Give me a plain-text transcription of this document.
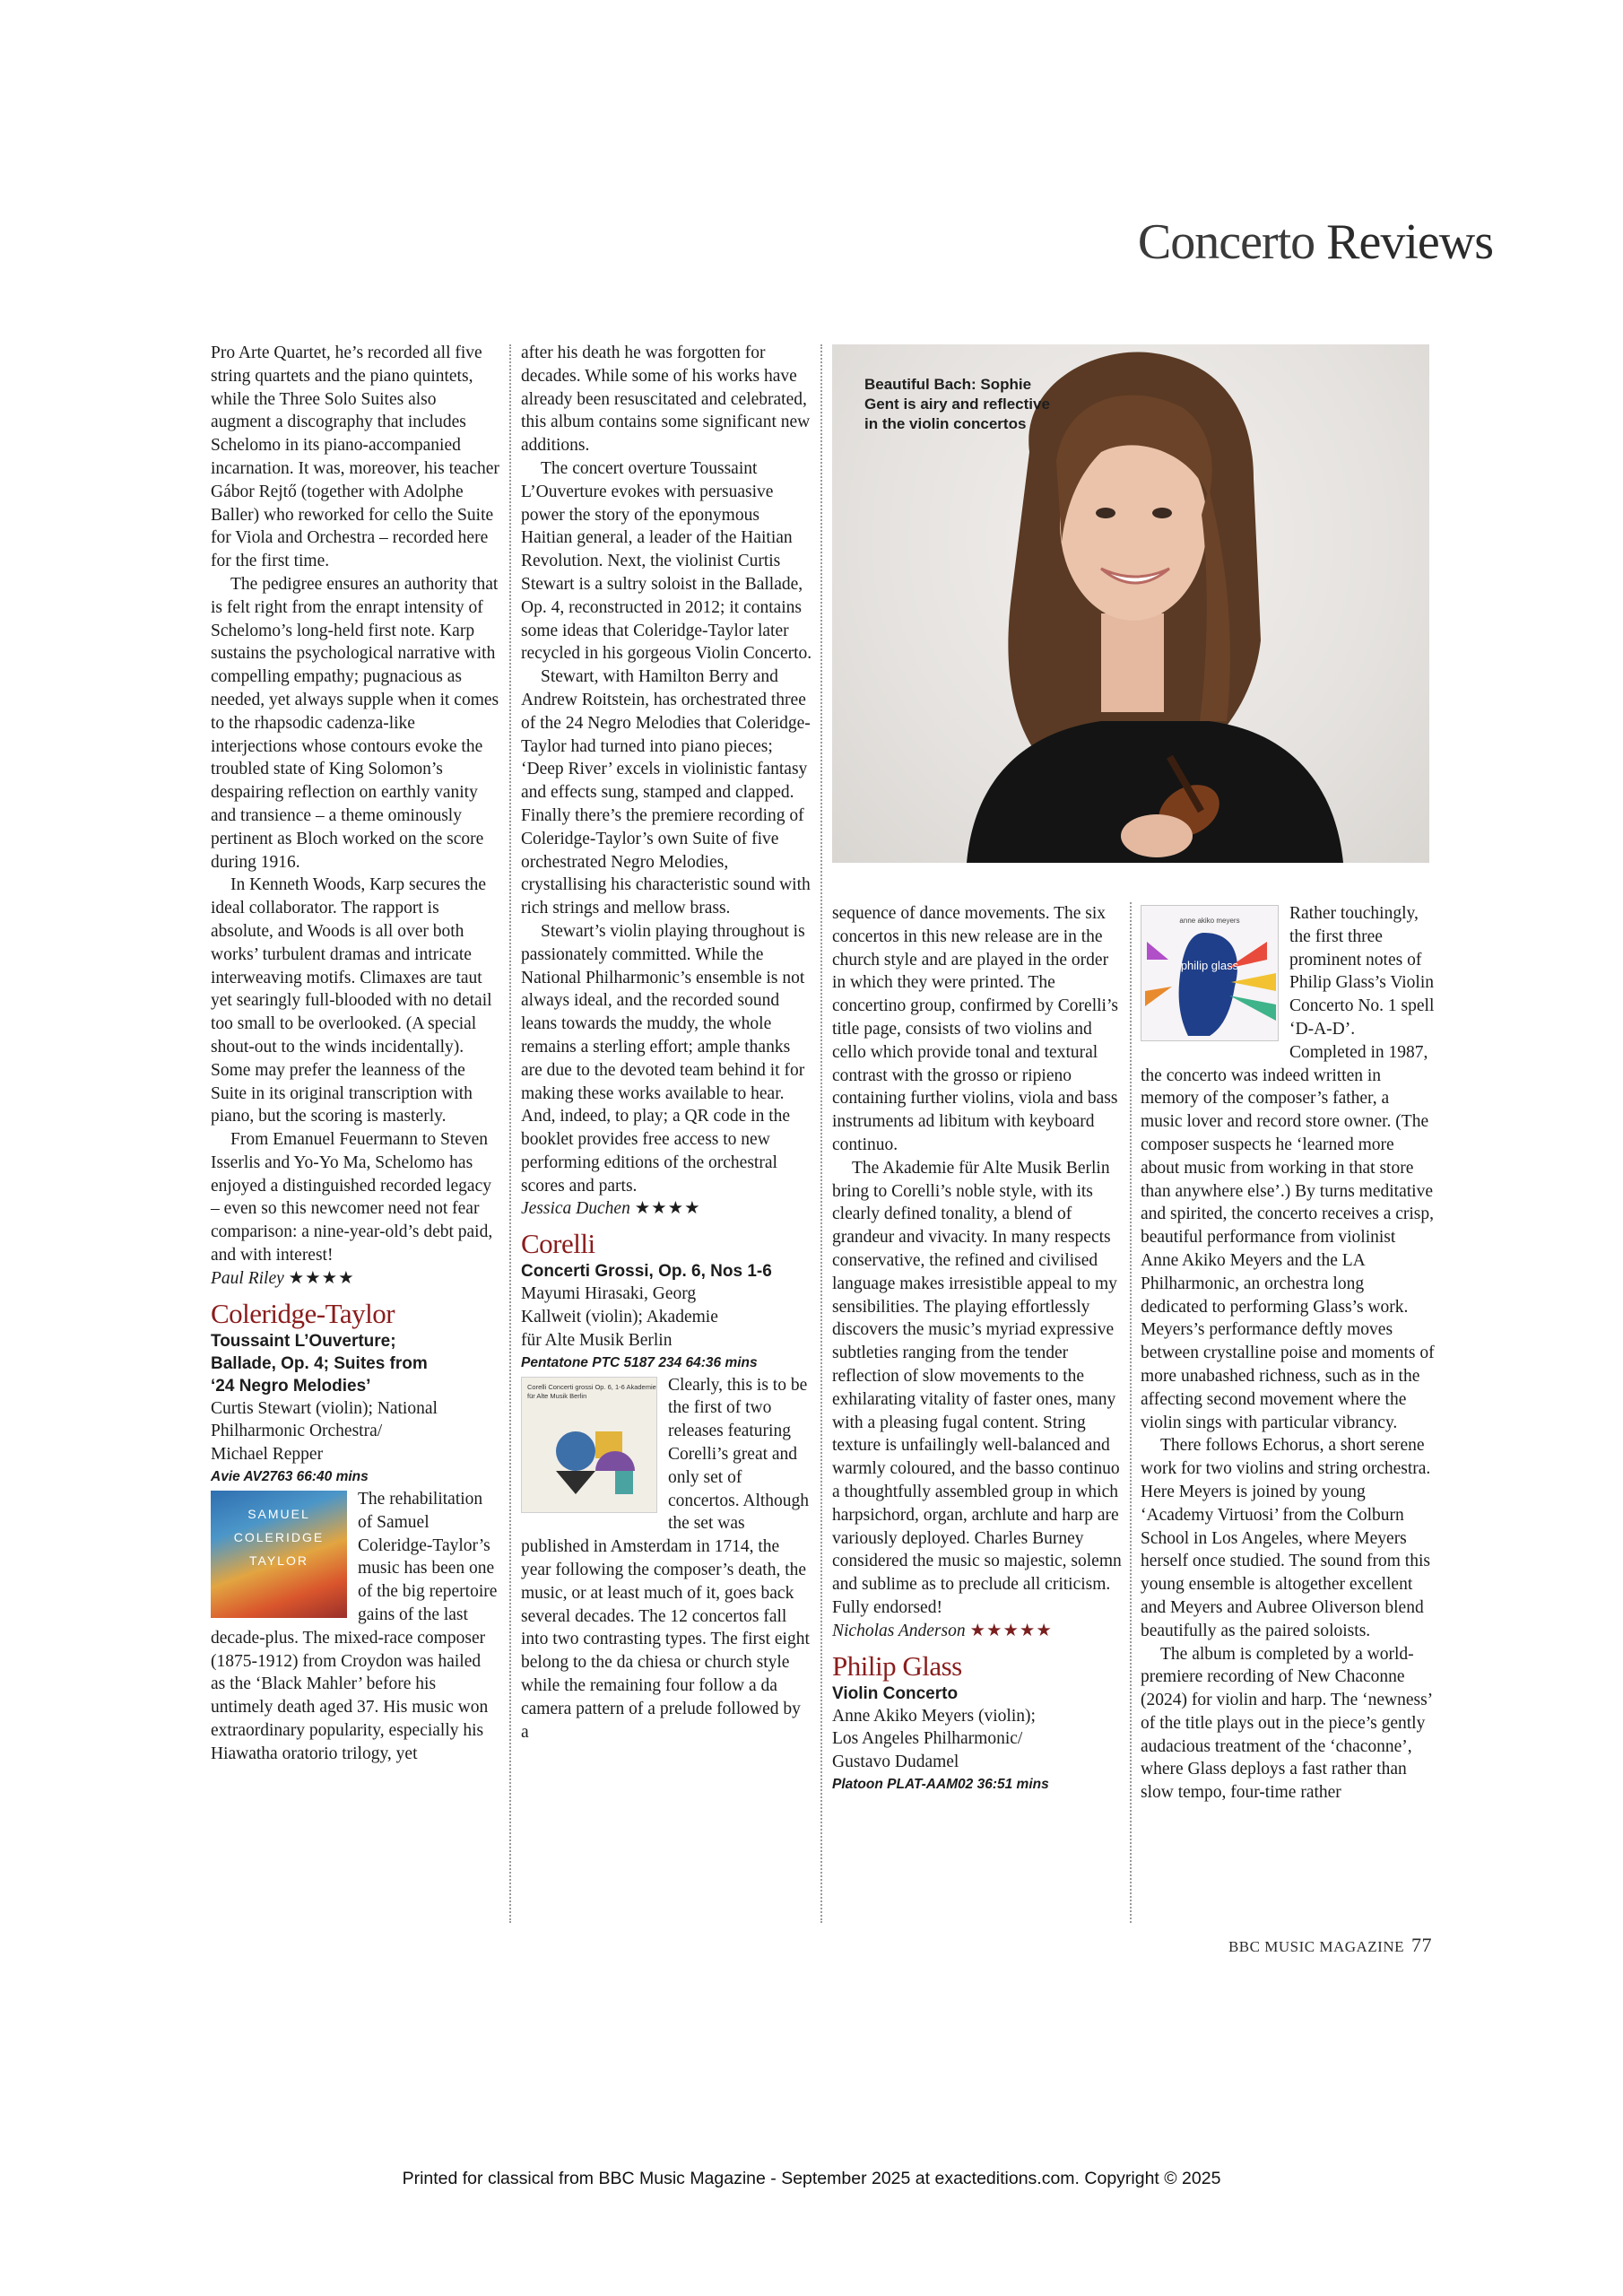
Concerto Reviews

Pro Arte Quartet, he’s recorded all five string quartets and the piano quintets, while the Three Solo Suites also augment a discography that includes Schelomo in its piano-accompanied incarnation. It was, moreover, his teacher Gábor Rejtő (together with Adolphe Baller) who reworked for cello the Suite for Viola and Orchestra – recorded here for the first time.

The pedigree ensures an authority that is felt right from the enrapt intensity of Schelomo’s long-held first note. Karp sustains the psychological narrative with compelling empathy; pugnacious as needed, yet always supple when it comes to the rhapsodic cadenza-like interjections whose contours evoke the troubled state of King Solomon’s despairing reflection on earthly vanity and transience – a theme ominously pertinent as Bloch worked on the score during 1916.

In Kenneth Woods, Karp secures the ideal collaborator. The rapport is absolute, and Woods is all over both works’ turbulent dramas and intricate interweaving motifs. Climaxes are taut yet searingly full-blooded with no detail too small to be overlooked. (A special shout-out to the winds incidentally). Some may prefer the leanness of the Suite in its original transcription with piano, but the scoring is masterly.

From Emanuel Feuermann to Steven Isserlis and Yo-Yo Ma, Schelomo has enjoyed a distinguished recorded legacy – even so this newcomer need not fear comparison: a nine-year-old’s debt paid, and with interest!

Paul Riley ★★★★

Coleridge-Taylor

Toussaint L’Ouverture;
Ballade, Op. 4; Suites from
‘24 Negro Melodies’

Curtis Stewart (violin); National
Philharmonic Orchestra/
Michael Repper

Avie AV2763 66:40 mins

SAMUEL COLERIDGE TAYLOR

The rehabilitation of Samuel Coleridge-Taylor’s music has been one of the big repertoire gains of the last decade-plus. The mixed-race composer (1875-1912) from Croydon was hailed as the ‘Black Mahler’ before his untimely death aged 37. His music won extraordinary popularity, especially his Hiawatha oratorio trilogy, yet

after his death he was forgotten for decades. While some of his works have already been resuscitated and celebrated, this album contains some significant new additions.

The concert overture Toussaint L’Ouverture evokes with persuasive power the story of the eponymous Haitian general, a leader of the Haitian Revolution. Next, the violinist Curtis Stewart is a sultry soloist in the Ballade, Op. 4, reconstructed in 2012; it contains some ideas that Coleridge-Taylor later recycled in his gorgeous Violin Concerto.

Stewart, with Hamilton Berry and Andrew Roitstein, has orchestrated three of the 24 Negro Melodies that Coleridge-Taylor had turned into piano pieces; ‘Deep River’ excels in violinistic fantasy and effects sung, stamped and clapped. Finally there’s the premiere recording of Coleridge-Taylor’s own Suite of five orchestrated Negro Melodies, crystallising his characteristic sound with rich strings and mellow brass.

Stewart’s violin playing throughout is passionately committed. While the National Philharmonic’s ensemble is not always ideal, and the recorded sound leans towards the muddy, the whole remains a sterling effort; ample thanks are due to the devoted team behind it for making these works available to hear. And, indeed, to play; a QR code in the booklet provides free access to new performing editions of the orchestral scores and parts.

Jessica Duchen ★★★★

Corelli

Concerti Grossi, Op. 6, Nos 1-6

Mayumi Hirasaki, Georg
Kallweit (violin); Akademie
für Alte Musik Berlin

Pentatone PTC 5187 234 64:36 mins

Corelli Concerti grossi Op. 6, 1-6 Akademie für Alte Musik Berlin

Clearly, this is to be the first of two releases featuring Corelli’s great and only set of concertos. Although the set was published in Amsterdam in 1714, the year following the composer’s death, the music, or at least much of it, goes back several decades. The 12 concertos fall into two contrasting types. The first eight belong to the da chiesa or church style while the remaining four follow a da camera pattern of a prelude followed by a

Beautiful Bach: Sophie Gent is airy and reflective in the violin concertos

sequence of dance movements. The six concertos in this new release are in the church style and are played in the order in which they were printed. The concertino group, confirmed by Corelli’s title page, consists of two violins and cello which provide tonal and textural contrast with the grosso or ripieno containing further violins, viola and bass instruments ad libitum with keyboard continuo.

The Akademie für Alte Musik Berlin bring to Corelli’s noble style, with its clearly defined tonality, a blend of grandeur and vivacity. In many respects conservative, the refined and civilised language makes irresistible appeal to my sensibilities. The playing effortlessly discovers the music’s myriad expressive subtleties ranging from the tender reflection of slow movements to the exhilarating vitality of faster ones, many with a pleasing fugal content. String texture is unfailingly well-balanced and warmly coloured, and the basso continuo a thoughtfully assembled group in which harpsichord, organ, archlute and harp are variously deployed. Charles Burney considered the music so majestic, solemn and sublime as to preclude all criticism. Fully endorsed!

Nicholas Anderson ★★★★★

Philip Glass

Violin Concerto

Anne Akiko Meyers (violin);
Los Angeles Philharmonic/
Gustavo Dudamel

Platoon PLAT-AAM02 36:51 mins

anne akiko meyers
philip glass

Rather touchingly, the first three prominent notes of Philip Glass’s Violin Concerto No. 1 spell ‘D-A-D’. Completed in 1987, the concerto was indeed written in memory of the composer’s father, a music lover and record store owner. (The composer suspects he ‘learned more about music from working in that store than anywhere else’.) By turns meditative and spirited, the concerto receives a crisp, beautiful performance from violinist Anne Akiko Meyers and the LA Philharmonic, an orchestra long dedicated to performing Glass’s work. Meyers’s performance deftly moves between crystalline poise and moments of more unabashed richness, such as in the affecting second movement where the violin sings with particular vibrancy.

There follows Echorus, a short serene work for two violins and string orchestra. Here Meyers is joined by young ‘Academy Virtuosi’ from the Colburn School in Los Angeles, where Meyers herself once studied. The sound from this young ensemble is altogether excellent and Meyers and Aubree Oliverson blend beautifully as the paired soloists.

The album is completed by a world-premiere recording of New Chaconne (2024) for violin and harp. The ‘newness’ of the title plays out in the piece’s gently audacious treatment of the ‘chaconne’, where Glass deploys a fast rather than slow tempo, four-time rather

BBC MUSIC MAGAZINE 77
Printed for classical from BBC Music Magazine - September 2025 at exacteditions.com. Copyright © 2025
